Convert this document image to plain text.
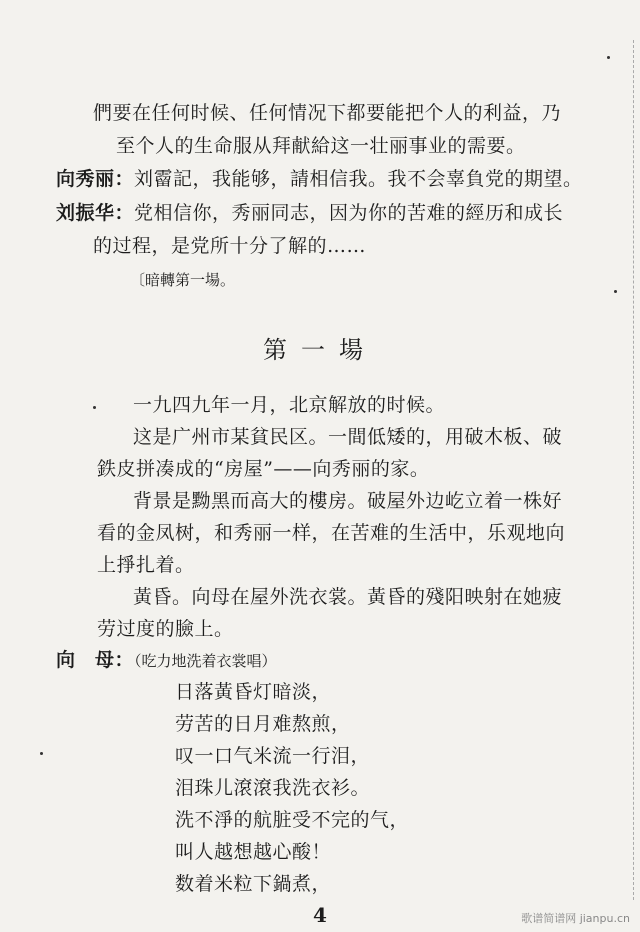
們要在任何时候、任何情况下都要能把个人的利益，乃
至个人的生命服从拜献給这一壮丽事业的需要。
向秀丽：刘霤記，我能够，請相信我。我不会辜負党的期望。
刘振华：党相信你，秀丽同志，因为你的苦难的經历和成长
的过程，是党所十分了解的……
〔暗轉第一場。
第一場
一九四九年一月，北京解放的时候。
这是广州市某貧民区。一間低矮的，用破木板、破
鉄皮拼凑成的“房屋”——向秀丽的家。
背景是黝黑而高大的樓房。破屋外边屹立着一株好
看的金凤树，和秀丽一样，在苦难的生活中，乐观地向
上掙扎着。
黃昏。向母在屋外洗衣裳。黃昏的殘阳映射在她疲
劳过度的臉上。
向　母：（吃力地洗着衣裳唱）
日落黃昏灯暗淡，
劳苦的日月难熬煎，
叹一口气米流一行泪，
泪珠儿滾滾我洗衣衫。
洗不淨的航脏受不完的气，
叫人越想越心酸！
数着米粒下鍋煮，
4	歌谱简谱网 jianpu.cn
